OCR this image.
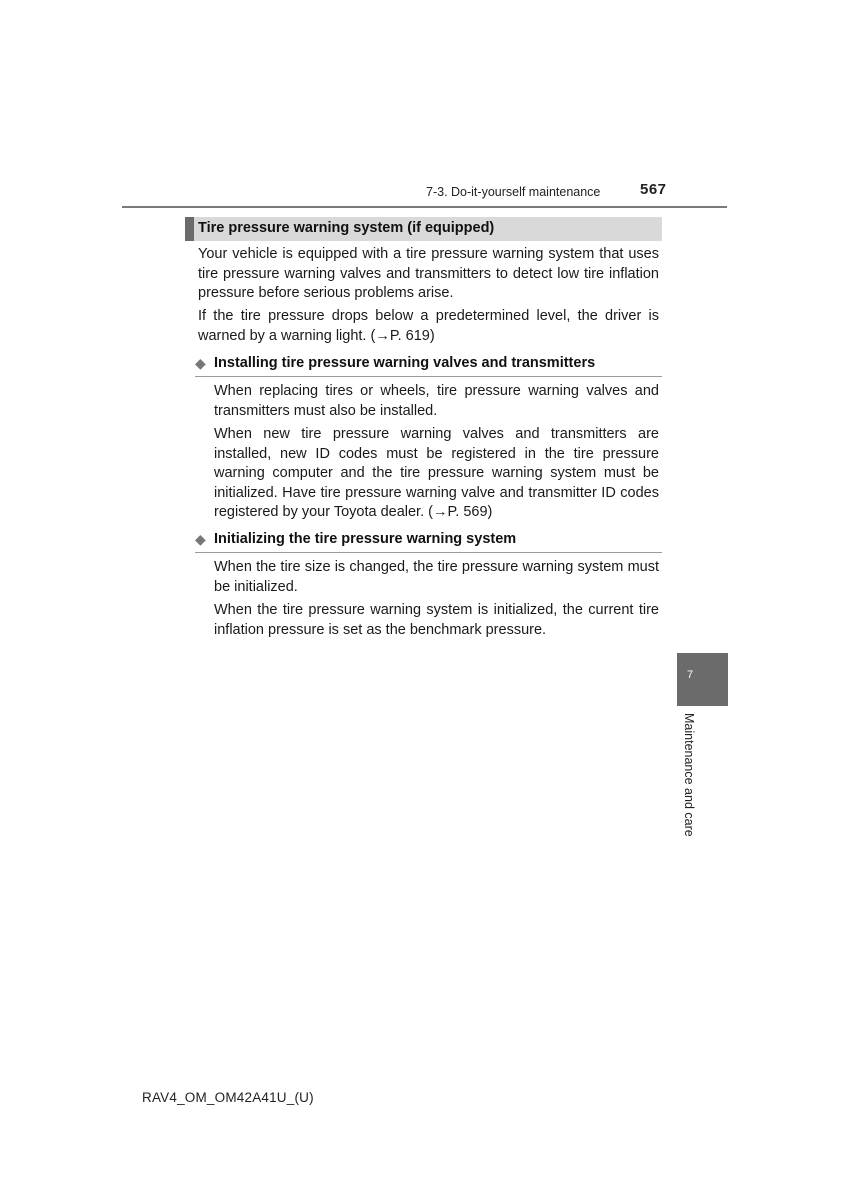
7-3. Do-it-yourself maintenance	567
Tire pressure warning system (if equipped)

Your vehicle is equipped with a tire pressure warning system that uses tire pressure warning valves and transmitters to detect low tire inflation pressure before serious problems arise.

If the tire pressure drops below a predetermined level, the driver is warned by a warning light. (→P. 619)

◆ Installing tire pressure warning valves and transmitters

When replacing tires or wheels, tire pressure warning valves and transmitters must also be installed.

When new tire pressure warning valves and transmitters are installed, new ID codes must be registered in the tire pressure warning computer and the tire pressure warning system must be initialized. Have tire pressure warning valve and transmitter ID codes registered by your Toyota dealer. (→P. 569)

◆ Initializing the tire pressure warning system

When the tire size is changed, the tire pressure warning system must be initialized.

When the tire pressure warning system is initialized, the current tire inflation pressure is set as the benchmark pressure.

7
Maintenance and care
RAV4_OM_OM42A41U_(U)
